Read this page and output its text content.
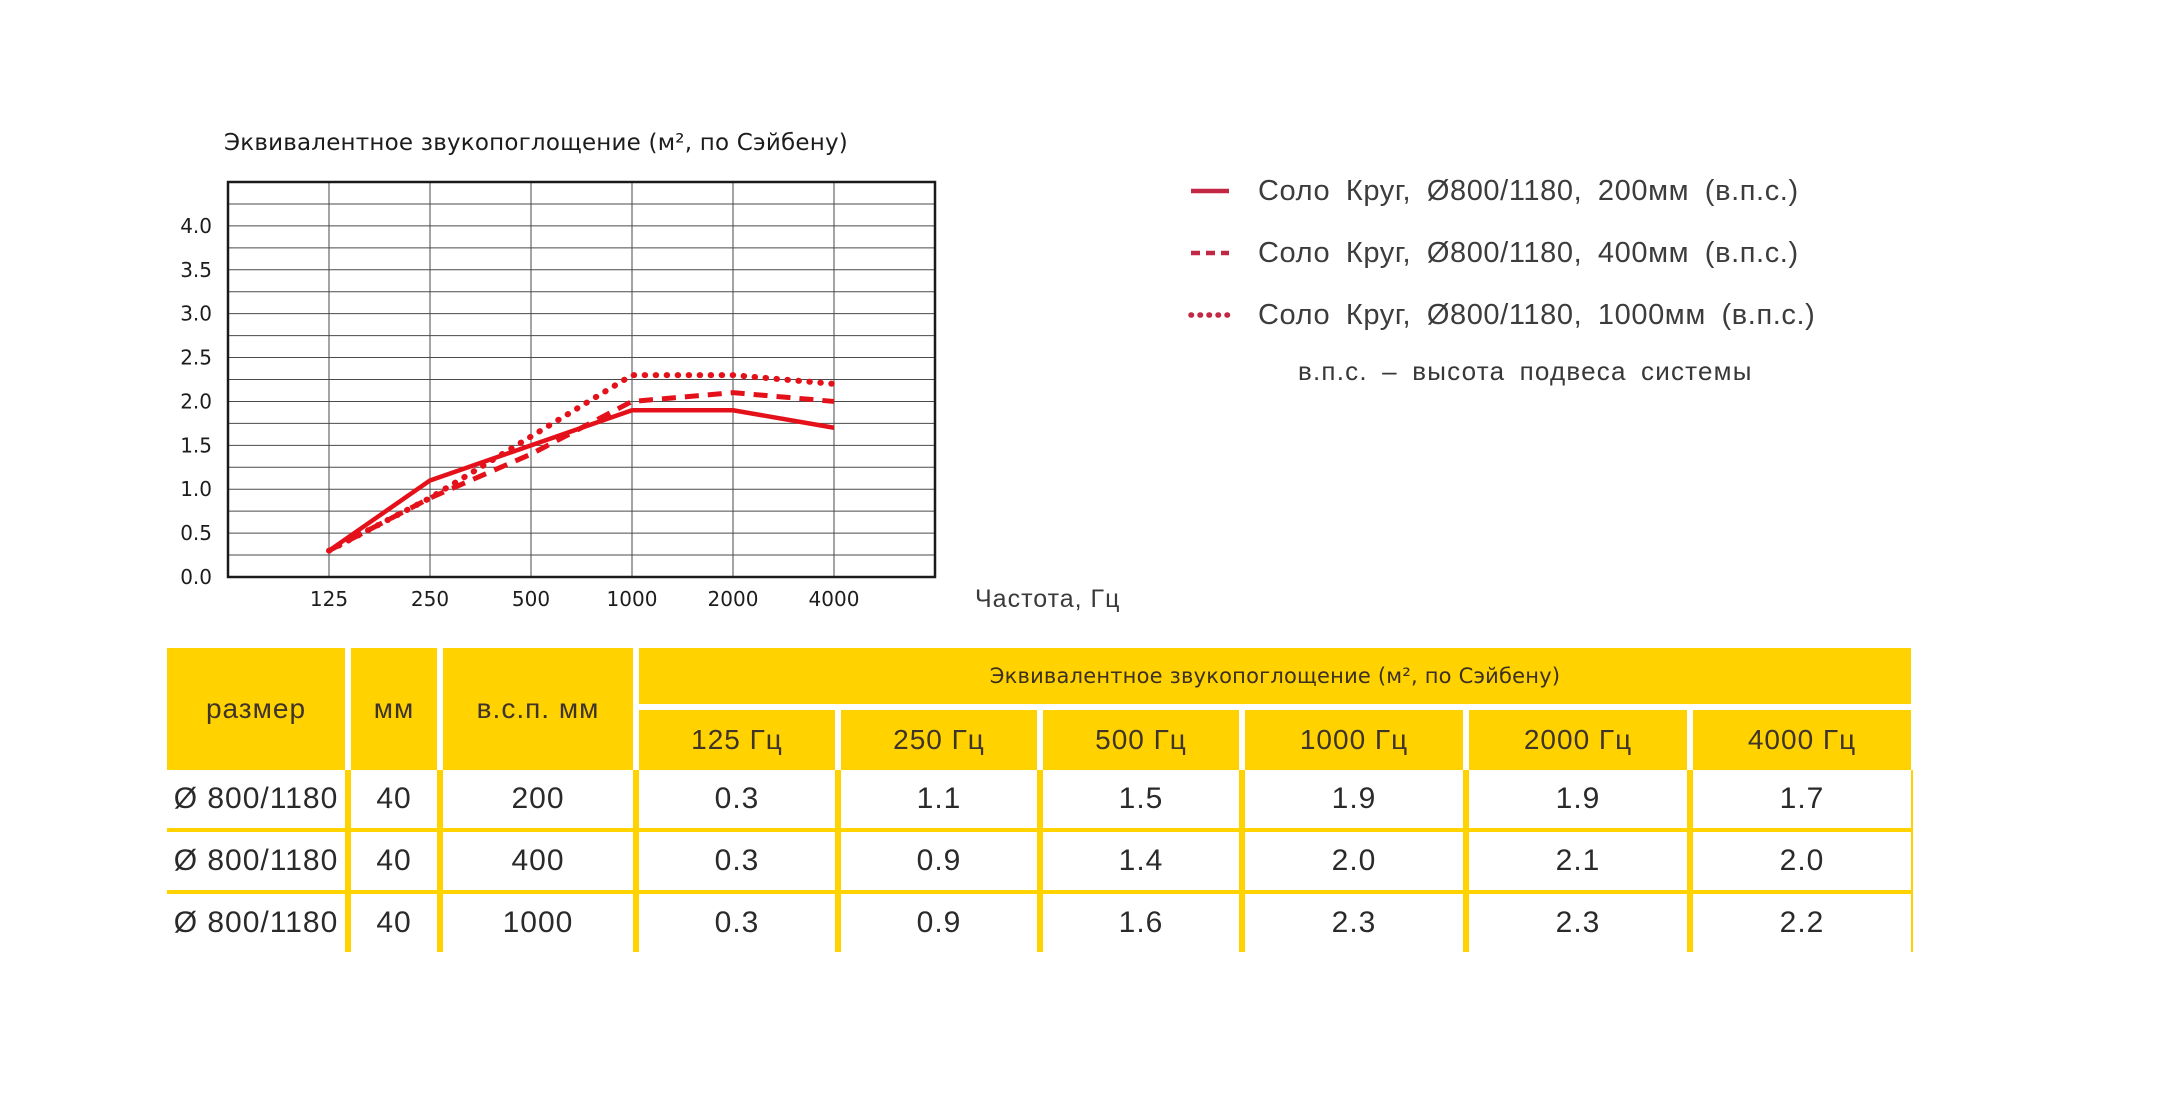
Эквивалентное звукопоглощение (м², по Сэйбену)
0.0
0.5
1.0
1.5
2.0
2.5
3.0
3.5
4.0
125	250	500	1000	2000	4000	Частота, Гц
Соло Круг, Ø800/1180, 200мм (в.п.с.)
Соло Круг, Ø800/1180, 400мм (в.п.с.)
Соло Круг, Ø800/1180, 1000мм (в.п.с.)
в.п.с. – высота подвеса системы
размер	мм	в.с.п. мм
Эквивалентное звукопоглощение (м², по Сэйбену)
125 Гц	250 Гц	500 Гц	1000 Гц	2000 Гц	4000 Гц
Ø 800/1180	40	200	0.3	1.1	1.5	1.9	1.9	1.7
Ø 800/1180	40	400	0.3	0.9	1.4	2.0	2.1	2.0
Ø 800/1180	40	1000	0.3	0.9	1.6	2.3	2.3	2.2
